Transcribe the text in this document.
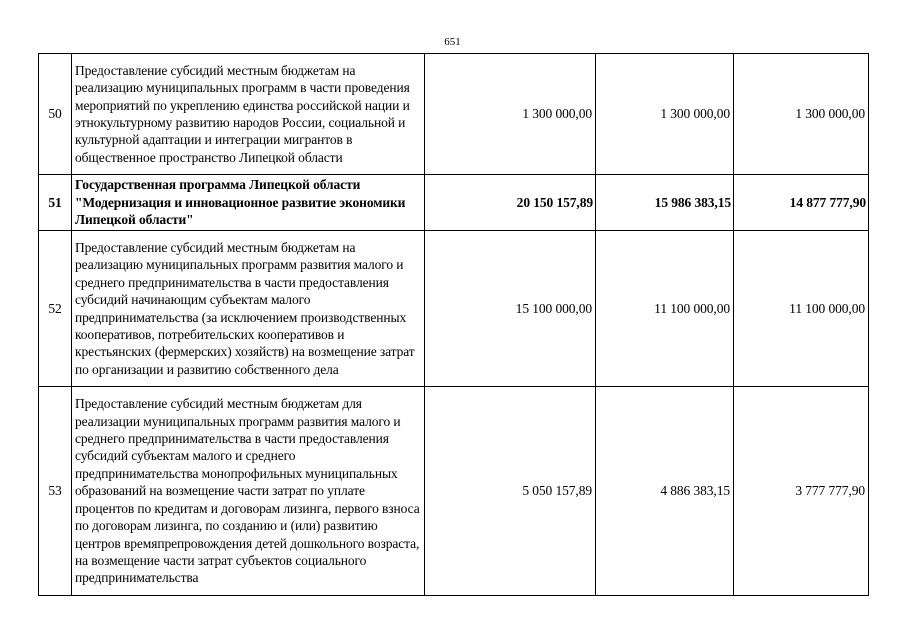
651
50	Предоставление субсидий местным бюджетам на реализацию муниципальных программ в части проведения мероприятий по укреплению единства российской нации и этнокультурному развитию народов России, социальной и культурной адаптации и интеграции мигрантов в общественное пространство Липецкой области	1 300 000,00	1 300 000,00	1 300 000,00
51	Государственная программа Липецкой области "Модернизация и инновационное развитие экономики Липецкой области"	20 150 157,89	15 986 383,15	14 877 777,90
52	Предоставление субсидий местным бюджетам на реализацию муниципальных программ развития малого и среднего предпринимательства в части предоставления субсидий начинающим субъектам малого предпринимательства (за исключением производственных кооперативов, потребительских кооперативов и крестьянских (фермерских) хозяйств) на возмещение затрат по организации и развитию собственного дела	15 100 000,00	11 100 000,00	11 100 000,00
53	Предоставление субсидий местным бюджетам для реализации муниципальных программ развития малого и среднего предпринимательства в части предоставления субсидий субъектам малого и среднего предпринимательства монопрофильных муниципальных образований на возмещение части затрат по уплате процентов по кредитам и договорам лизинга, первого взноса по договорам лизинга, по созданию и (или) развитию центров времяпрепровождения детей дошкольного возраста, на возмещение части затрат субъектов социального предпринимательства	5 050 157,89	4 886 383,15	3 777 777,90
